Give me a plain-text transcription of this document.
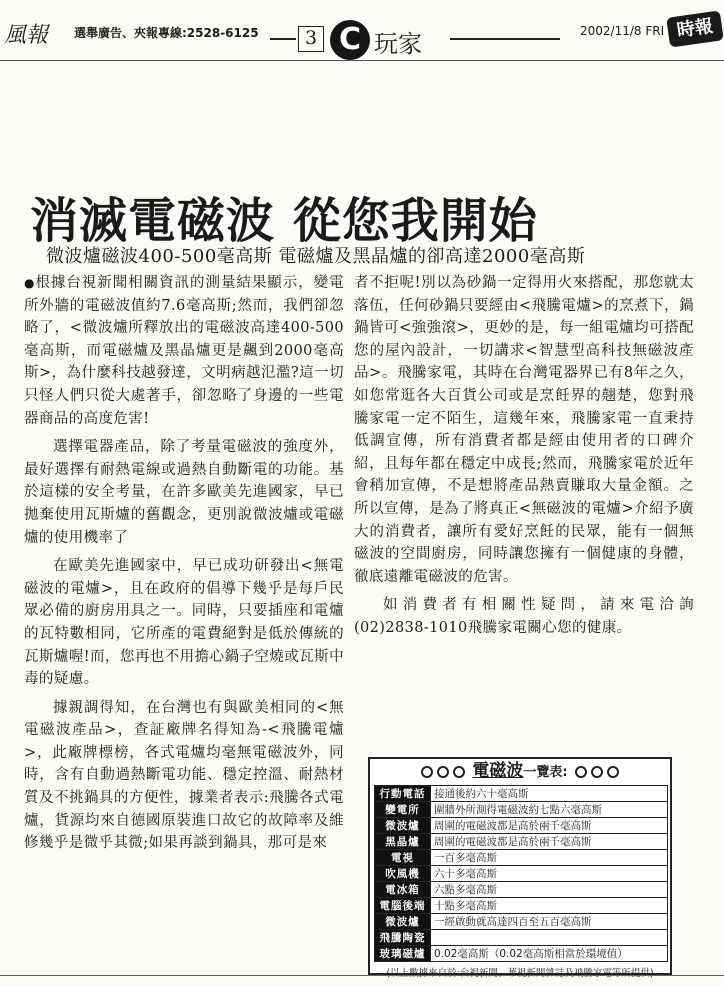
風報 選舉廣告、夾報專線:2528-6125	3 C 玩家	2002/11/8 FRI 時報
消滅電磁波 從您我開始
微波爐磁波400-500毫高斯 電磁爐及黑晶爐的卻高達2000毫高斯

●根據台視新聞相關資訊的測量結果顯示，變電所外牆的電磁波值約7.6毫高斯;然而，我們卻忽略了，<微波爐所釋放出的電磁波高達400-500毫高斯，而電磁爐及黑晶爐更是飆到2000毫高斯>，為什麼科技越發達，文明病越氾濫?這一切只怪人們只從大處著手，卻忽略了身邊的一些電器商品的高度危害!

選擇電器產品，除了考量電磁波的強度外，最好選擇有耐熱電線或過熱自動斷電的功能。基於這樣的安全考量，在許多歐美先進國家，早已拋棄使用瓦斯爐的舊觀念，更別說微波爐或電磁爐的使用機率了

在歐美先進國家中，早已成功研發出<無電磁波的電爐>，且在政府的倡導下幾乎是每戶民眾必備的廚房用具之一。同時，只要插座和電爐的瓦特數相同，它所產的電費絕對是低於傳統的瓦斯爐喔!而，您再也不用擔心鍋子空燒或瓦斯中毒的疑慮。

據親調得知，在台灣也有與歐美相同的<無電磁波產品>，查証廠牌名得知為-<飛騰電爐>，此廠牌標榜，各式電爐均毫無電磁波外，同時，含有自動過熱斷電功能、穩定控溫、耐熱材質及不挑鍋具的方便性，據業者表示:飛騰各式電爐，貨源均來自德國原裝進口故它的故障率及維修幾乎是微乎其微;如果再談到鍋具，那可是來

者不拒呢!別以為砂鍋一定得用火來搭配，那您就太落伍，任何砂鍋只要經由<飛騰電爐>的烹煮下，鍋鍋皆可<強強滾>，更妙的是，每一組電爐均可搭配您的屋內設計，一切講求<智慧型高科技無磁波產品>。飛騰家電，其時在台灣電器界已有8年之久，如您常逛各大百貨公司或是烹飪界的翹楚，您對飛騰家電一定不陌生，這幾年來，飛騰家電一直秉持低調宣傳，所有消費者都是經由使用者的口碑介紹，且每年都在穩定中成長;然而，飛騰家電於近年會稍加宣傳，不是想將產品熱賣賺取大量金額。之所以宣傳，是為了將真正<無磁波的電爐>介紹予廣大的消費者，讓所有愛好烹飪的民眾，能有一個無磁波的空間廚房，同時讓您擁有一個健康的身體，徹底遠離電磁波的危害。

如消費者有相關性疑問，請來電洽詢(02)2838-1010飛騰家電關心您的健康。

電磁波一覽表:
行動電話	接通後約六十毫高斯
變電所	圍牆外所測得電磁波約七點六毫高斯
微波爐	周圍的電磁波都是高於兩千毫高斯
黑晶爐	周圍的電磁波都是高於兩千毫高斯
電視	一百多毫高斯
吹風機	六十多毫高斯
電冰箱	六點多毫高斯
電腦後端	十點多毫高斯
微波爐	一經啟動就高達四百至五百毫高斯
飛騰陶瓷	
玻璃磁爐	0.02毫高斯（0.02毫高斯相當於環境值）
(以上數據來自於:台視新聞、華視新聞雜誌及飛騰家電等所提供)
